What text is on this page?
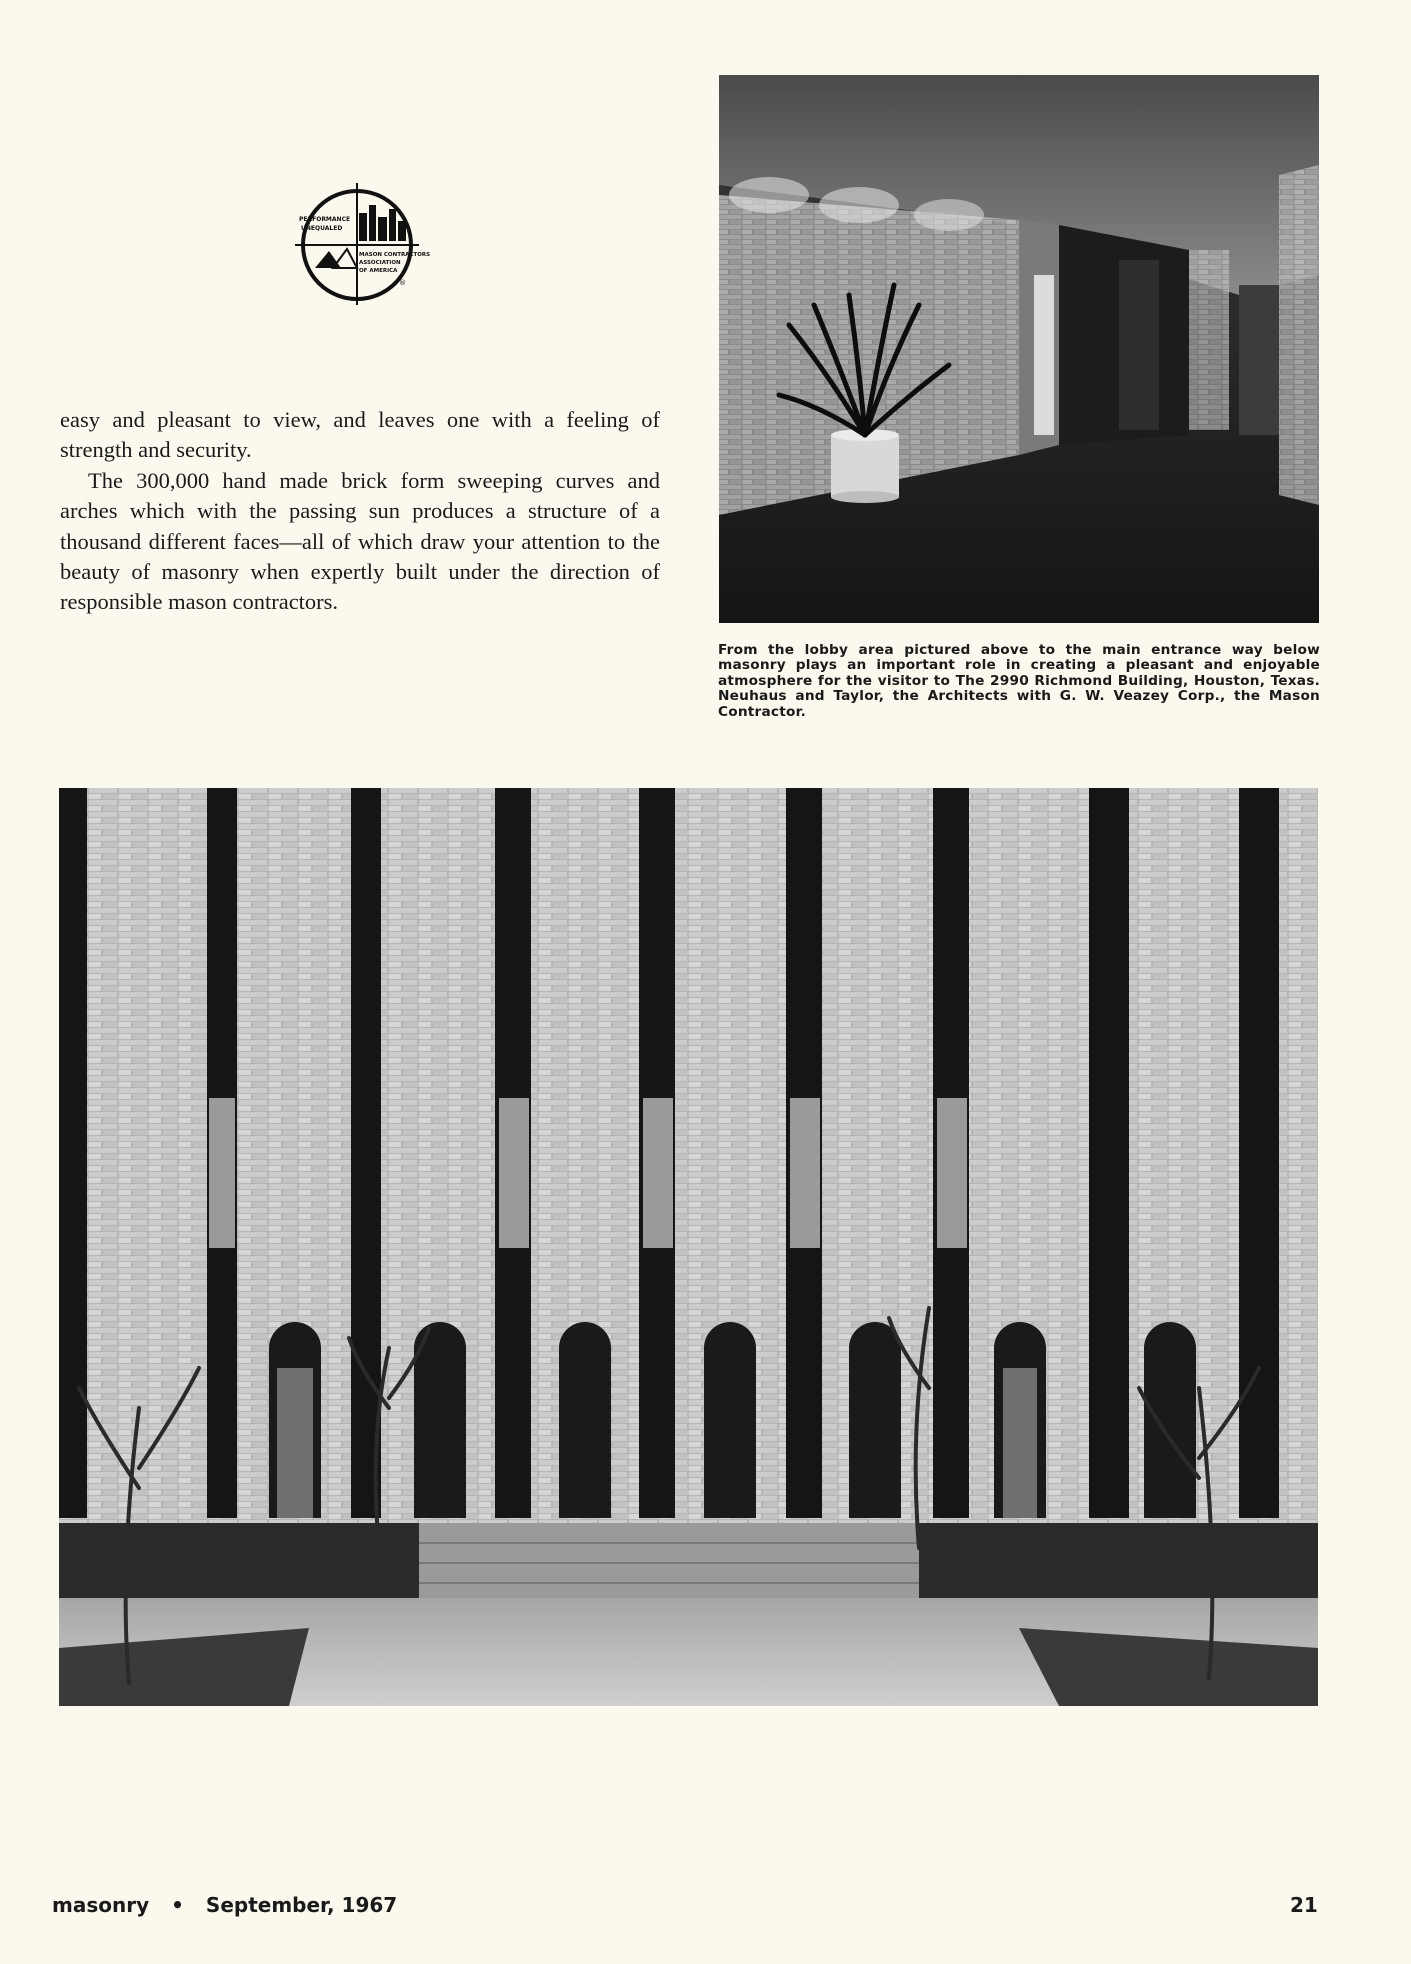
PERFORMANCE
UNEQUALED
MASON CONTRACTORS
ASSOCIATION
OF AMERICA
®

easy and pleasant to view, and leaves one with a feeling of strength and security.

The 300,000 hand made brick form sweeping curves and arches which with the passing sun produces a structure of a thousand different faces—all of which draw your attention to the beauty of masonry when expertly built under the direction of responsible mason contractors.

From the lobby area pictured above to the main entrance way below masonry plays an important role in creating a pleasant and enjoyable atmosphere for the visitor to The 2990 Richmond Building, Houston, Texas. Neuhaus and Taylor, the Architects with G. W. Veazey Corp., the Mason Contractor.
masonry • September, 1967	21
